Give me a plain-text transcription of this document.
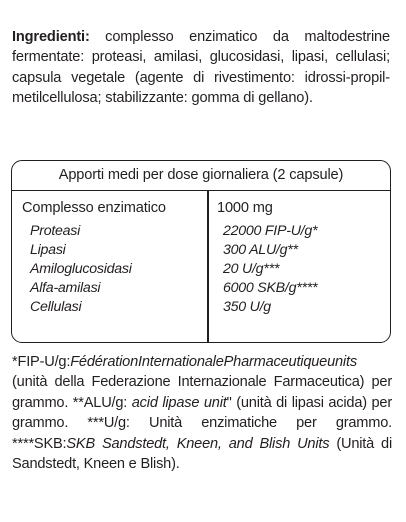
Ingredienti: complesso enzimatico da maltodestrine fermentate: proteasi, amilasi, glucosidasi, lipasi, cellulasi; capsula vegetale (agente di rivestimento: idrossi-propil-metilcellulosa; stabilizzante: gomma di gellano).
Apporti medi per dose giornaliera (2 capsule)
Complesso enzimatico
Proteasi
Lipasi
Amiloglucosidasi
Alfa-amilasi
Cellulasi
1000 mg
22000 FIP-U/g*
300 ALU/g**
20 U/g***
6000 SKB/g****
350 U/g
*FIP-U/g:FédérationInternationalePharmaceutiqueunits (unità della Federazione Internazionale Farmaceutica) per grammo. **ALU/g: acid lipase unit" (unità di lipasi acida) per grammo. ***U/g: Unità enzimatiche per grammo. ****SKB:SKB Sandstedt, Kneen, and Blish Units (Unità di Sandstedt, Kneen e Blish).
